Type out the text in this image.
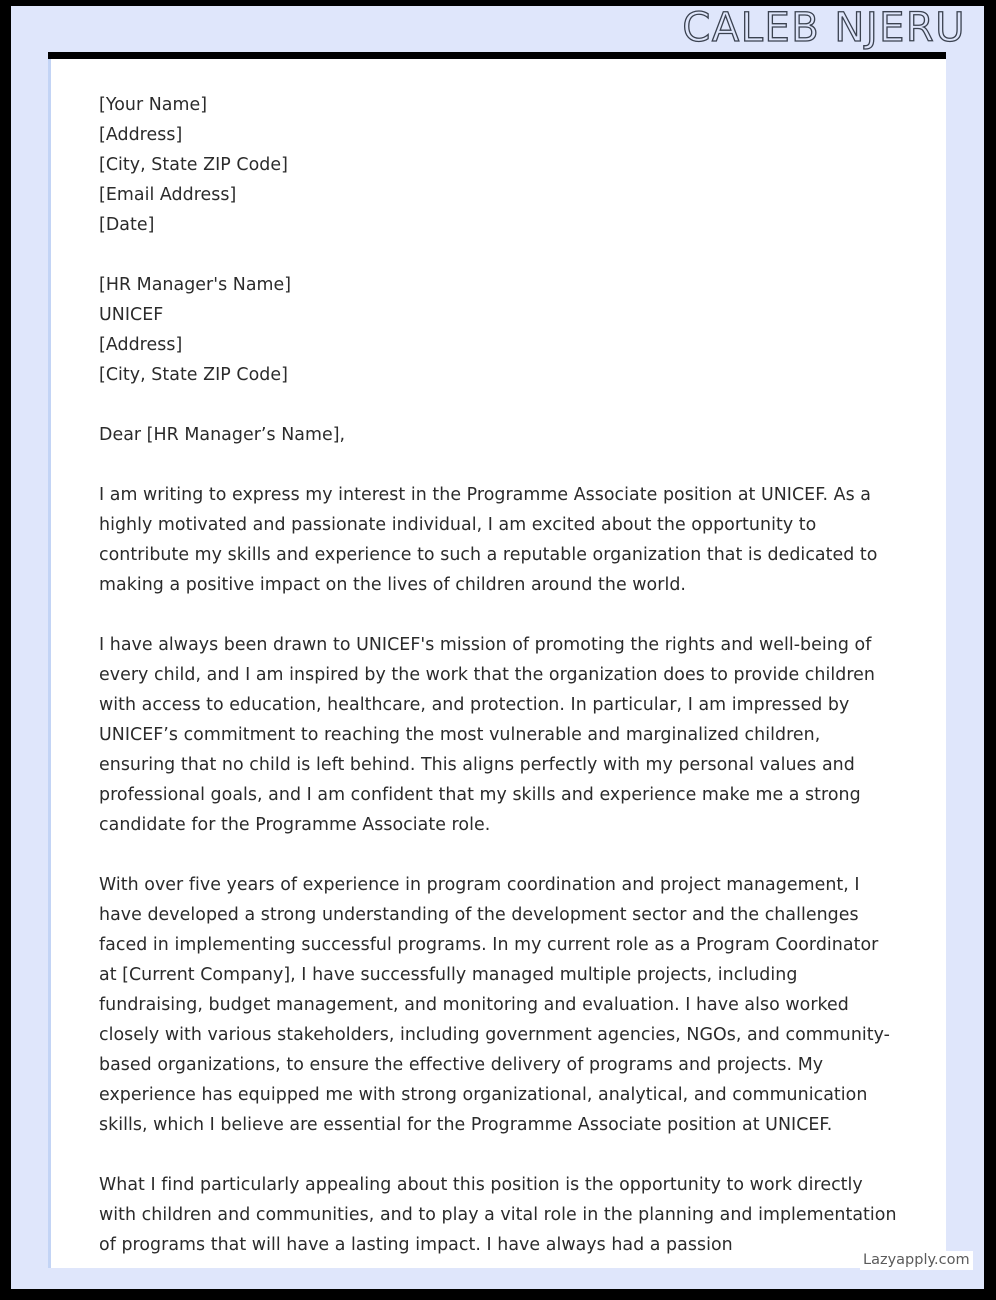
CALEB NJERU
[Your Name]
[Address]
[City, State ZIP Code]
[Email Address]
[Date]
[HR Manager's Name]
UNICEF
[Address]
[City, State ZIP Code]

Dear [HR Manager’s Name],

I am writing to express my interest in the Programme Associate position at UNICEF. As a highly motivated and passionate individual, I am excited about the opportunity to contribute my skills and experience to such a reputable organization that is dedicated to making a positive impact on the lives of children around the world.

I have always been drawn to UNICEF's mission of promoting the rights and well-being of every child, and I am inspired by the work that the organization does to provide children with access to education, healthcare, and protection. In particular, I am impressed by UNICEF’s commitment to reaching the most vulnerable and marginalized children, ensuring that no child is left behind. This aligns perfectly with my personal values and professional goals, and I am confident that my skills and experience make me a strong candidate for the Programme Associate role.

With over five years of experience in program coordination and project management, I have developed a strong understanding of the development sector and the challenges faced in implementing successful programs. In my current role as a Program Coordinator at [Current Company], I have successfully managed multiple projects, including fundraising, budget management, and monitoring and evaluation. I have also worked closely with various stakeholders, including government agencies, NGOs, and community-based organizations, to ensure the effective delivery of programs and projects. My experience has equipped me with strong organizational, analytical, and communication skills, which I believe are essential for the Programme Associate position at UNICEF.

What I find particularly appealing about this position is the opportunity to work directly with children and communities, and to play a vital role in the planning and implementation of programs that will have a lasting impact. I have always had a passion

Lazyapply.com
